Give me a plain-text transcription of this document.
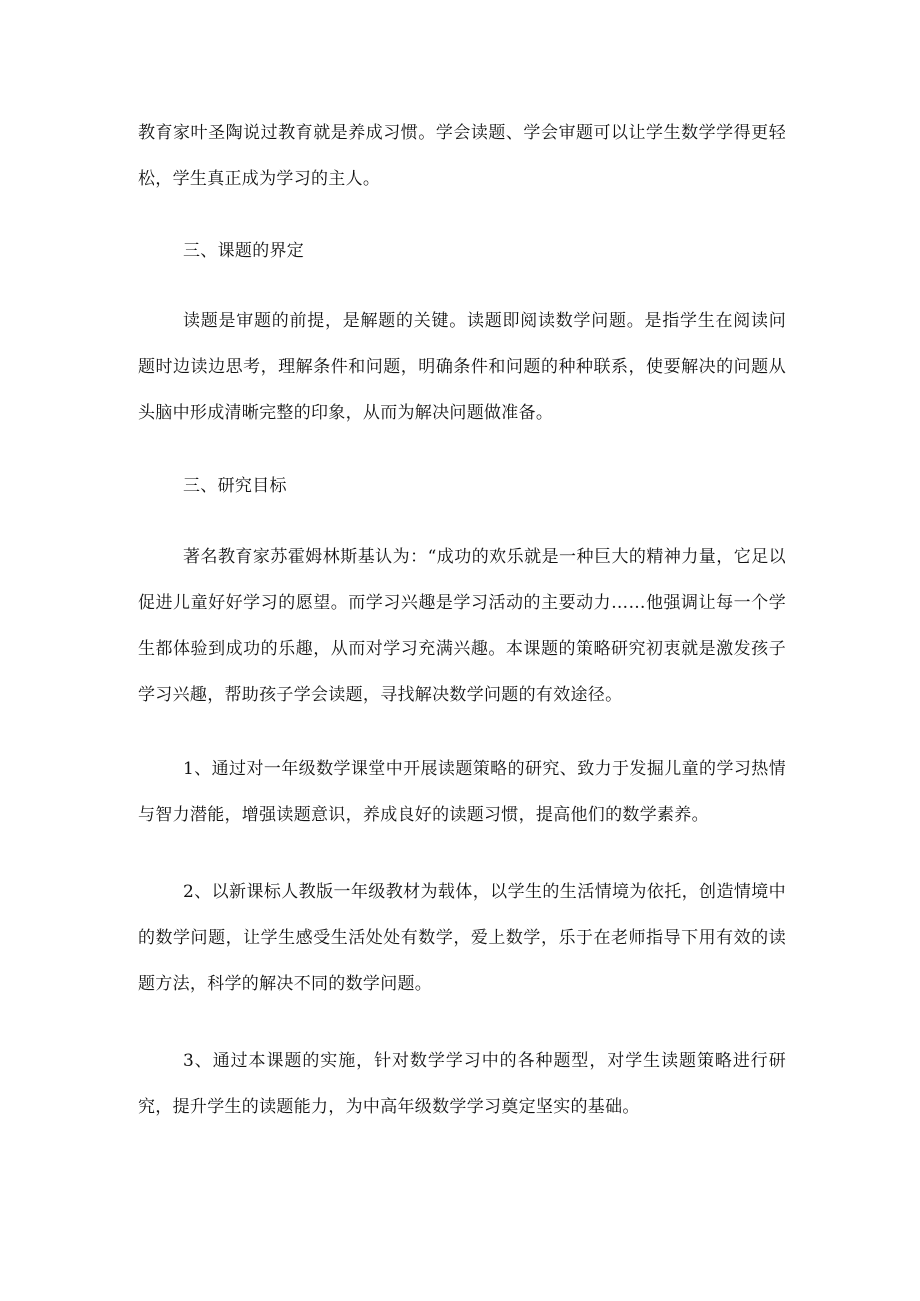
教育家叶圣陶说过教育就是养成习惯。学会读题、学会审题可以让学生数学学得更轻松，学生真正成为学习的主人。

三、课题的界定

读题是审题的前提，是解题的关键。读题即阅读数学问题。是指学生在阅读问题时边读边思考，理解条件和问题，明确条件和问题的种种联系，使要解决的问题从头脑中形成清晰完整的印象，从而为解决问题做准备。

三、研究目标

著名教育家苏霍姆林斯基认为：“成功的欢乐就是一种巨大的精神力量，它足以促进儿童好好学习的愿望。而学习兴趣是学习活动的主要动力……他强调让每一个学生都体验到成功的乐趣，从而对学习充满兴趣。本课题的策略研究初衷就是激发孩子学习兴趣，帮助孩子学会读题，寻找解决数学问题的有效途径。

1、通过对一年级数学课堂中开展读题策略的研究、致力于发掘儿童的学习热情与智力潜能，增强读题意识，养成良好的读题习惯，提高他们的数学素养。

2、以新课标人教版一年级教材为载体，以学生的生活情境为依托，创造情境中的数学问题，让学生感受生活处处有数学，爱上数学，乐于在老师指导下用有效的读题方法，科学的解决不同的数学问题。

3、通过本课题的实施，针对数学学习中的各种题型，对学生读题策略进行研究，提升学生的读题能力，为中高年级数学学习奠定坚实的基础。
